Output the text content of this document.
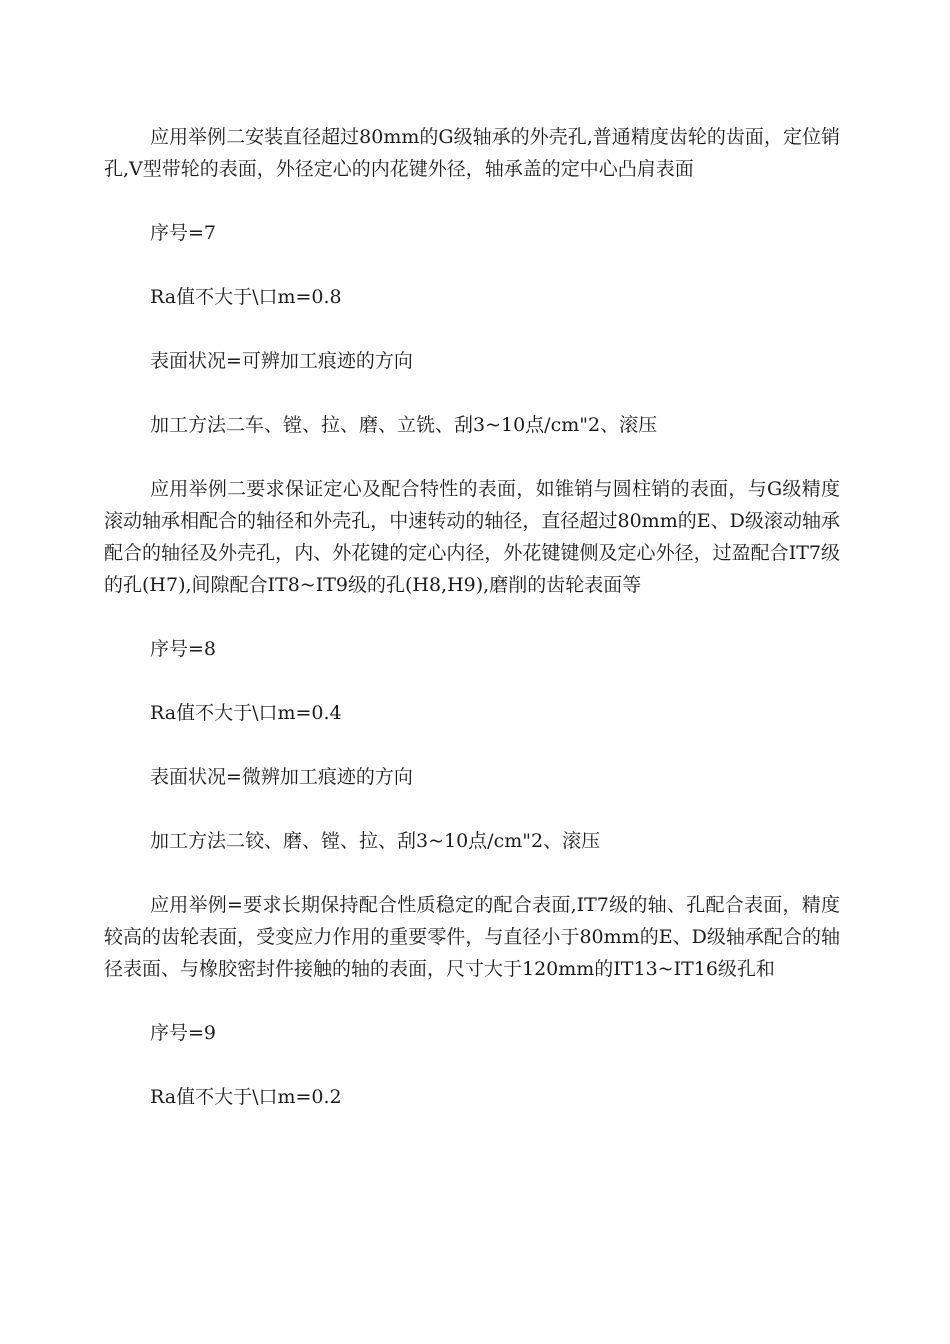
应用举例二安装直径超过80mm的G级轴承的外壳孔,普通精度齿轮的齿面，定位销孔,V型带轮的表面，外径定心的内花键外径，轴承盖的定中心凸肩表面

序号=7

Ra值不大于\口m=0.8

表面状况=可辨加工痕迹的方向

加工方法二车、镗、拉、磨、立铣、刮3~10点/cm"2、滚压

应用举例二要求保证定心及配合特性的表面，如锥销与圆柱销的表面，与G级精度滚动轴承相配合的轴径和外壳孔，中速转动的轴径，直径超过80mm的E、D级滚动轴承配合的轴径及外壳孔，内、外花键的定心内径，外花键键侧及定心外径，过盈配合IT7级的孔(H7),间隙配合IT8~IT9级的孔(H8,H9),磨削的齿轮表面等

序号=8

Ra值不大于\口m=0.4

表面状况=微辨加工痕迹的方向

加工方法二铰、磨、镗、拉、刮3~10点/cm"2、滚压

应用举例=要求长期保持配合性质稳定的配合表面,IT7级的轴、孔配合表面，精度较高的齿轮表面，受变应力作用的重要零件，与直径小于80mm的E、D级轴承配合的轴径表面、与橡胶密封件接触的轴的表面，尺寸大于120mm的IT13~IT16级孔和

序号=9

Ra值不大于\口m=0.2
